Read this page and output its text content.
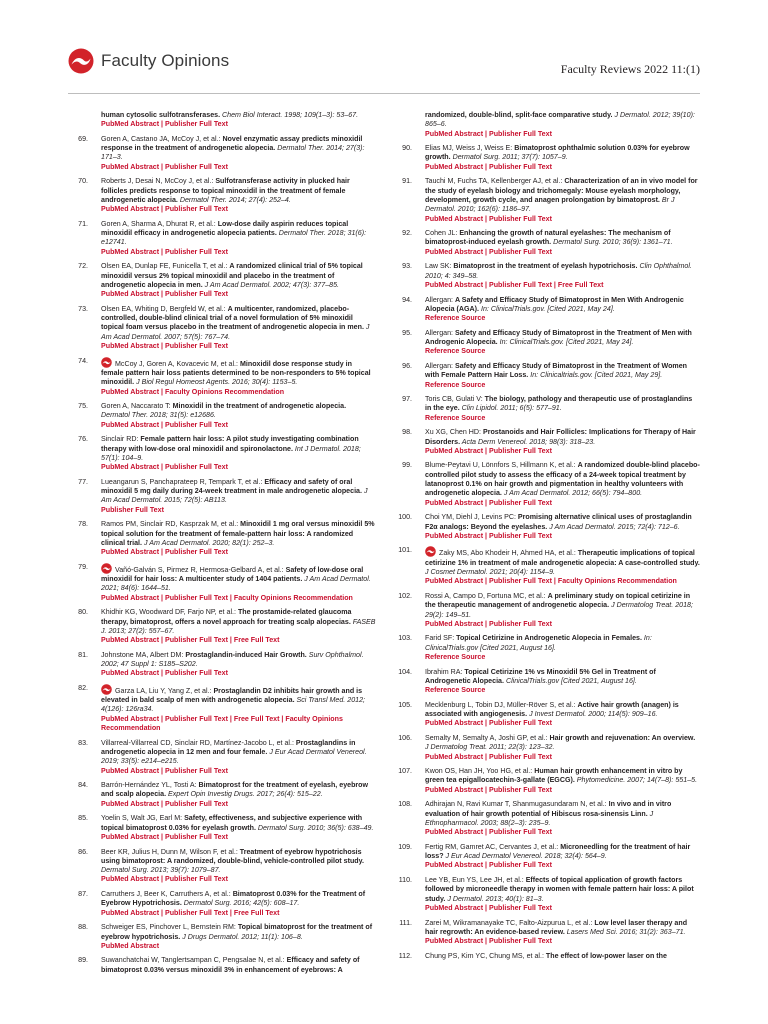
Faculty Opinions	Faculty Reviews 2022 11:(1)
human cytosolic sulfotransferases. Chem Biol Interact. 1998; 109(1–3): 53–67.
PubMed Abstract | Publisher Full Text
69. Goren A, Castano JA, McCoy J, et al.: Novel enzymatic assay predicts minoxidil response in the treatment of androgenetic alopecia. Dermatol Ther. 2014; 27(3): 171–3.
PubMed Abstract | Publisher Full Text
70. Roberts J, Desai N, McCoy J, et al.: Sulfotransferase activity in plucked hair follicles predicts response to topical minoxidil in the treatment of female androgenetic alopecia. Dermatol Ther. 2014; 27(4): 252–4.
PubMed Abstract | Publisher Full Text
71. Goren A, Sharma A, Dhurat R, et al.: Low-dose daily aspirin reduces topical minoxidil efficacy in androgenetic alopecia patients. Dermatol Ther. 2018; 31(6): e12741.
PubMed Abstract | Publisher Full Text
72. Olsen EA, Dunlap FE, Funicella T, et al.: A randomized clinical trial of 5% topical minoxidil versus 2% topical minoxidil and placebo in the treatment of androgenetic alopecia in men. J Am Acad Dermatol. 2002; 47(3): 377–85.
PubMed Abstract | Publisher Full Text
73. Olsen EA, Whiting D, Bergfeld W, et al.: A multicenter, randomized, placebo-controlled, double-blind clinical trial of a novel formulation of 5% minoxidil topical foam versus placebo in the treatment of androgenetic alopecia in men. J Am Acad Dermatol. 2007; 57(5): 767–74.
PubMed Abstract | Publisher Full Text
74.	McCoy J, Goren A, Kovacevic M, et al.: Minoxidil dose response study in female pattern hair loss patients determined to be non-responders to 5% topical minoxidil. J Biol Regul Homeost Agents. 2016; 30(4): 1153–5.
PubMed Abstract | Faculty Opinions Recommendation
75. Goren A, Naccarato T: Minoxidil in the treatment of androgenetic alopecia. Dermatol Ther. 2018; 31(5): e12686.
PubMed Abstract | Publisher Full Text
76. Sinclair RD: Female pattern hair loss: A pilot study investigating combination therapy with low-dose oral minoxidil and spironolactone. Int J Dermatol. 2018; 57(1): 104–9.
PubMed Abstract | Publisher Full Text
77. Lueangarun S, Panchaprateep R, Tempark T, et al.: Efficacy and safety of oral minoxidil 5 mg daily during 24-week treatment in male androgenetic alopecia. J Am Acad Dermatol. 2015; 72(5): AB113.
Publisher Full Text
78. Ramos PM, Sinclair RD, Kasprzak M, et al.: Minoxidil 1 mg oral versus minoxidil 5% topical solution for the treatment of female-pattern hair loss: A randomized clinical trial. J Am Acad Dermatol. 2020; 82(1): 252–3.
PubMed Abstract | Publisher Full Text
79.	Vañó-Galván S, Pirmez R, Hermosa-Gelbard A, et al.: Safety of low-dose oral minoxidil for hair loss: A multicenter study of 1404 patients. J Am Acad Dermatol. 2021; 84(6): 1644–51.
PubMed Abstract | Publisher Full Text | Faculty Opinions Recommendation
80. Khidhir KG, Woodward DF, Farjo NP, et al.: The prostamide-related glaucoma therapy, bimatoprost, offers a novel approach for treating scalp alopecias. FASEB J. 2013; 27(2): 557–67.
PubMed Abstract | Publisher Full Text | Free Full Text
81. Johnstone MA, Albert DM: Prostaglandin-induced Hair Growth. Surv Ophthalmol. 2002; 47 Suppl 1: S185–S202.
PubMed Abstract | Publisher Full Text
82.	Garza LA, Liu Y, Yang Z, et al.: Prostaglandin D2 inhibits hair growth and is elevated in bald scalp of men with androgenetic alopecia. Sci Transl Med. 2012; 4(126): 126ra34.
PubMed Abstract | Publisher Full Text | Free Full Text | Faculty Opinions Recommendation
83. Villarreal-Villarreal CD, Sinclair RD, Martínez-Jacobo L, et al.: Prostaglandins in androgenetic alopecia in 12 men and four female. J Eur Acad Dermatol Venereol. 2019; 33(5): e214–e215.
PubMed Abstract | Publisher Full Text
84. Barrón-Hernández YL, Tosti A: Bimatoprost for the treatment of eyelash, eyebrow and scalp alopecia. Expert Opin Investig Drugs. 2017; 26(4): 515–22.
PubMed Abstract | Publisher Full Text
85. Yoelin S, Walt JG, Earl M: Safety, effectiveness, and subjective experience with topical bimatoprost 0.03% for eyelash growth. Dermatol Surg. 2010; 36(5): 638–49.
PubMed Abstract | Publisher Full Text
86. Beer KR, Julius H, Dunn M, Wilson F, et al.: Treatment of eyebrow hypotrichosis using bimatoprost: A randomized, double-blind, vehicle-controlled pilot study. Dermatol Surg. 2013; 39(7): 1079–87.
PubMed Abstract | Publisher Full Text
87. Carruthers J, Beer K, Carruthers A, et al.: Bimatoprost 0.03% for the Treatment of Eyebrow Hypotrichosis. Dermatol Surg. 2016; 42(5): 608–17.
PubMed Abstract | Publisher Full Text | Free Full Text
88. Schweiger ES, Pinchover L, Bernstein RM: Topical bimatoprost for the treatment of eyebrow hypotrichosis. J Drugs Dermatol. 2012; 11(1): 106–8.
PubMed Abstract
89. Suwanchatchai W, Tanglertsampan C, Pengsalae N, et al.: Efficacy and safety of bimatoprost 0.03% versus minoxidil 3% in enhancement of eyebrows: A
randomized, double-blind, split-face comparative study. J Dermatol. 2012; 39(10): 865–6.
PubMed Abstract | Publisher Full Text
90. Elias MJ, Weiss J, Weiss E: Bimatoprost ophthalmic solution 0.03% for eyebrow growth. Dermatol Surg. 2011; 37(7): 1057–9.
PubMed Abstract | Publisher Full Text
91. Tauchi M, Fuchs TA, Kellenberger AJ, et al.: Characterization of an in vivo model for the study of eyelash biology and trichomegaly: Mouse eyelash morphology, development, growth cycle, and anagen prolongation by bimatoprost. Br J Dermatol. 2010; 162(6): 1186–97.
PubMed Abstract | Publisher Full Text
92. Cohen JL: Enhancing the growth of natural eyelashes: The mechanism of bimatoprost-induced eyelash growth. Dermatol Surg. 2010; 36(9): 1361–71.
PubMed Abstract | Publisher Full Text
93. Law SK: Bimatoprost in the treatment of eyelash hypotrichosis. Clin Ophthalmol. 2010; 4: 349–58.
PubMed Abstract | Publisher Full Text | Free Full Text
94. Allergan: A Safety and Efficacy Study of Bimatoprost in Men With Androgenic Alopecia (AGA). In: ClinicalTrials.gov. [Cited 2021, May 24].
Reference Source
95. Allergan: Safety and Efficacy Study of Bimatoprost in the Treatment of Men with Androgenic Alopecia. In: ClinicalTrials.gov. [Cited 2021, May 24].
Reference Source
96. Allergan: Safety and Efficacy Study of Bimatoprost in the Treatment of Women with Female Pattern Hair Loss. In: Clinicaltrials.gov. [Cited 2021, May 29].
Reference Source
97. Toris CB, Gulati V: The biology, pathology and therapeutic use of prostaglandins in the eye. Clin Lipidol. 2011; 6(5): 577–91.
Reference Source
98. Xu XG, Chen HD: Prostanoids and Hair Follicles: Implications for Therapy of Hair Disorders. Acta Derm Venereol. 2018; 98(3): 318–23.
PubMed Abstract | Publisher Full Text
99. Blume-Peytavi U, Lönnfors S, Hillmann K, et al.: A randomized double-blind placebo-controlled pilot study to assess the efficacy of a 24-week topical treatment by latanoprost 0.1% on hair growth and pigmentation in healthy volunteers with androgenetic alopecia. J Am Acad Dermatol. 2012; 66(5): 794–800.
PubMed Abstract | Publisher Full Text
100. Choi YM, Diehl J, Levins PC: Promising alternative clinical uses of prostaglandin F2α analogs: Beyond the eyelashes. J Am Acad Dermatol. 2015; 72(4): 712–6.
PubMed Abstract | Publisher Full Text
101.	Zaky MS, Abo Khodeir H, Ahmed HA, et al.: Therapeutic implications of topical cetirizine 1% in treatment of male androgenetic alopecia: A case-controlled study. J Cosmet Dermatol. 2021; 20(4): 1154–9.
PubMed Abstract | Publisher Full Text | Faculty Opinions Recommendation
102. Rossi A, Campo D, Fortuna MC, et al.: A preliminary study on topical cetirizine in the therapeutic management of androgenetic alopecia. J Dermatolog Treat. 2018; 29(2): 149–51.
PubMed Abstract | Publisher Full Text
103. Farid SF: Topical Cetirizine in Androgenetic Alopecia in Females. In: ClinicalTrials.gov [Cited 2021, August 16].
Reference Source
104. Ibrahim RA: Topical Cetirizine 1% vs Minoxidil 5% Gel in Treatment of Androgenetic Alopecia. ClinicalTrials.gov [Cited 2021, August 16].
Reference Source
105. Mecklenburg L, Tobin DJ, Müller-Röver S, et al.: Active hair growth (anagen) is associated with angiogenesis. J Invest Dermatol. 2000; 114(5): 909–16.
PubMed Abstract | Publisher Full Text
106. Semalty M, Semalty A, Joshi GP, et al.: Hair growth and rejuvenation: An overview. J Dermatolog Treat. 2011; 22(3): 123–32.
PubMed Abstract | Publisher Full Text
107. Kwon OS, Han JH, Yoo HG, et al.: Human hair growth enhancement in vitro by green tea epigallocatechin-3-gallate (EGCG). Phytomedicine. 2007; 14(7–8): 551–5.
PubMed Abstract | Publisher Full Text
108. Adhirajan N, Ravi Kumar T, Shanmugasundaram N, et al.: In vivo and in vitro evaluation of hair growth potential of Hibiscus rosa-sinensis Linn. J Ethnopharmacol. 2003; 88(2–3): 235–9.
PubMed Abstract | Publisher Full Text
109. Fertig RM, Gamret AC, Cervantes J, et al.: Microneedling for the treatment of hair loss? J Eur Acad Dermatol Venereol. 2018; 32(4): 564–9.
PubMed Abstract | Publisher Full Text
110. Lee YB, Eun YS, Lee JH, et al.: Effects of topical application of growth factors followed by microneedle therapy in women with female pattern hair loss: A pilot study. J Dermatol. 2013; 40(1): 81–3.
PubMed Abstract | Publisher Full Text
111. Zarei M, Wikramanayake TC, Falto-Aizpurua L, et al.: Low level laser therapy and hair regrowth: An evidence-based review. Lasers Med Sci. 2016; 31(2): 363–71.
PubMed Abstract | Publisher Full Text
112. Chung PS, Kim YC, Chung MS, et al.: The effect of low-power laser on the
